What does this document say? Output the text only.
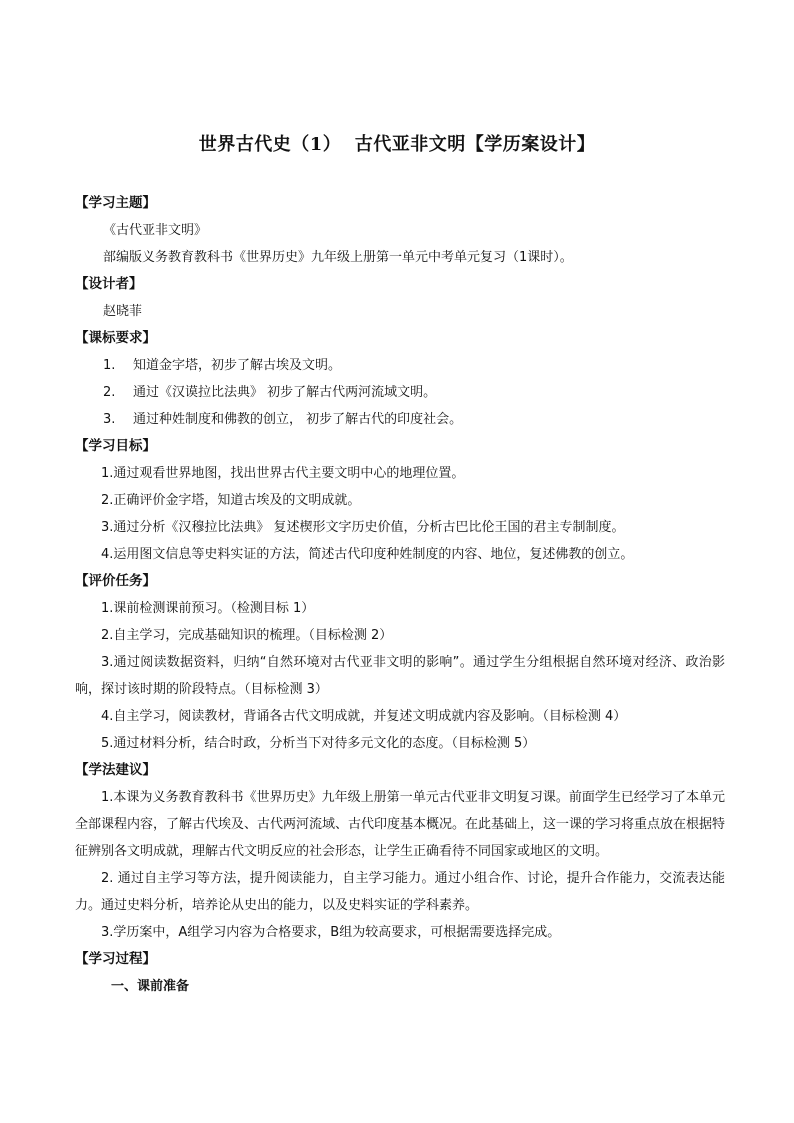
世界古代史（1）  古代亚非文明【学历案设计】
【学习主题】
《古代亚非文明》
部编版义务教育教科书《世界历史》九年级上册第一单元中考单元复习（1课时）。
【设计者】
赵晓菲
【课标要求】
1. 知道金字塔，初步了解古埃及文明。
2. 通过《汉谟拉比法典》 初步了解古代两河流域文明。
3. 通过种姓制度和佛教的创立， 初步了解古代的印度社会。
【学习目标】
1.通过观看世界地图，找出世界古代主要文明中心的地理位置。
2.正确评价金字塔，知道古埃及的文明成就。
3.通过分析《汉穆拉比法典》 复述楔形文字历史价值，分析古巴比伦王国的君主专制制度。
4.运用图文信息等史料实证的方法，简述古代印度种姓制度的内容、地位，复述佛教的创立。
【评价任务】
1.课前检测课前预习。（检测目标 1）
2.自主学习，完成基础知识的梳理。（目标检测 2）
3.通过阅读数据资料，归纳“自然环境对古代亚非文明的影响”。通过学生分组根据自然环境对经济、政治影响，探讨该时期的阶段特点。（目标检测 3）
4.自主学习，阅读教材，背诵各古代文明成就，并复述文明成就内容及影响。（目标检测 4）
5.通过材料分析，结合时政，分析当下对待多元文化的态度。（目标检测 5）
【学法建议】
1.本课为义务教育教科书《世界历史》九年级上册第一单元古代亚非文明复习课。前面学生已经学习了本单元全部课程内容，了解古代埃及、古代两河流域、古代印度基本概况。在此基础上，这一课的学习将重点放在根据特征辨别各文明成就，理解古代文明反应的社会形态，让学生正确看待不同国家或地区的文明。
2. 通过自主学习等方法，提升阅读能力，自主学习能力。通过小组合作、讨论，提升合作能力，交流表达能力。通过史料分析，培养论从史出的能力，以及史料实证的学科素养。
3.学历案中，A组学习内容为合格要求，B组为较高要求，可根据需要选择完成。
【学习过程】
一、课前准备
